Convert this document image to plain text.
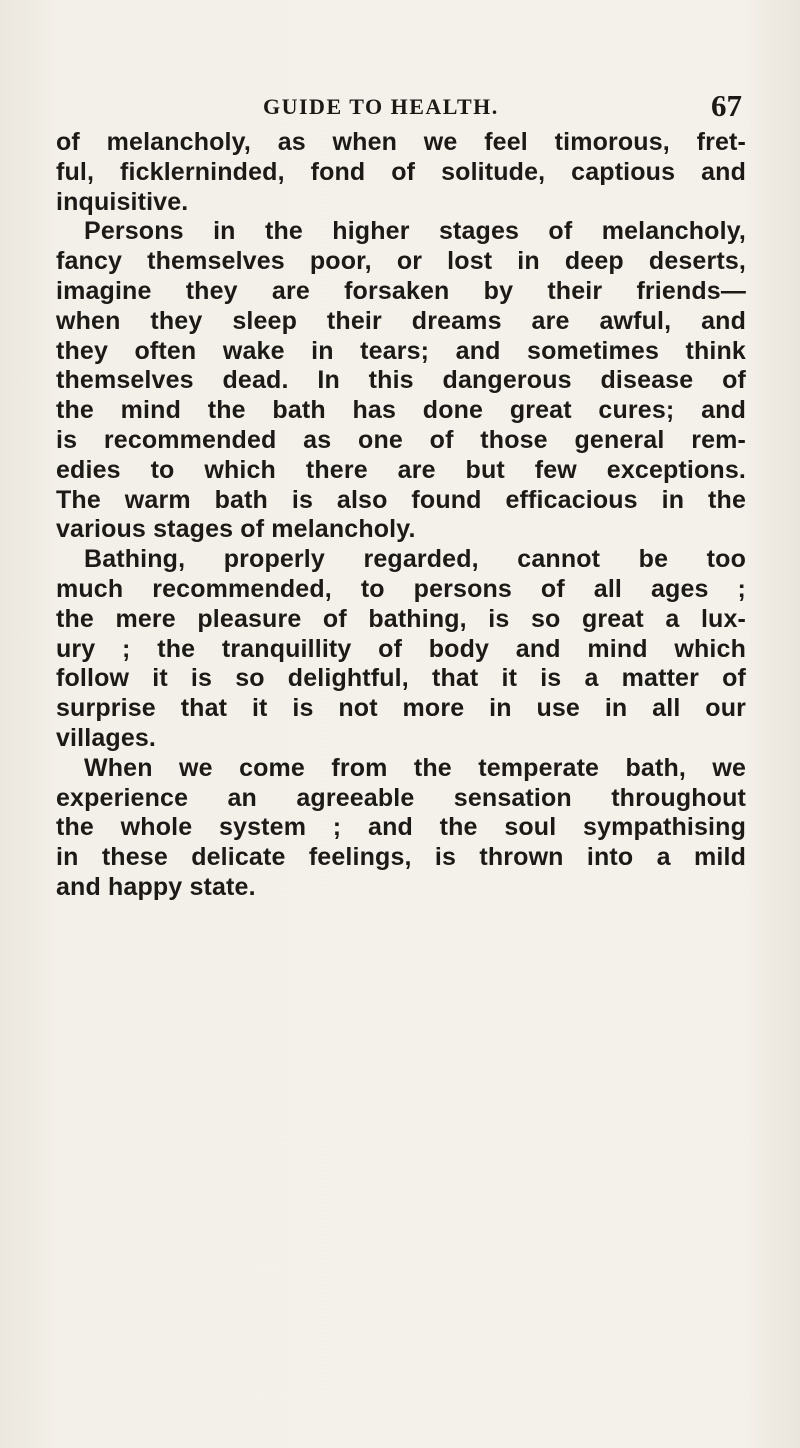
GUIDE TO HEALTH.	67
of melancholy, as when we feel timorous, fret-
ful, ficklerninded, fond of solitude, captious and
inquisitive.
Persons in the higher stages of melancholy,
fancy themselves poor, or lost in deep deserts,
imagine they are forsaken by their friends—
when they sleep their dreams are awful, and
they often wake in tears; and sometimes think
themselves dead. In this dangerous disease of
the mind the bath has done great cures; and
is recommended as one of those general rem-
edies to which there are but few exceptions.
The warm bath is also found efficacious in the
various stages of melancholy.
Bathing, properly regarded, cannot be too
much recommended, to persons of all ages ;
the mere pleasure of bathing, is so great a lux-
ury ; the tranquillity of body and mind which
follow it is so delightful, that it is a matter of
surprise that it is not more in use in all our
villages.
When we come from the temperate bath, we
experience an agreeable sensation throughout
the whole system ; and the soul sympathising
in these delicate feelings, is thrown into a mild
and happy state.
